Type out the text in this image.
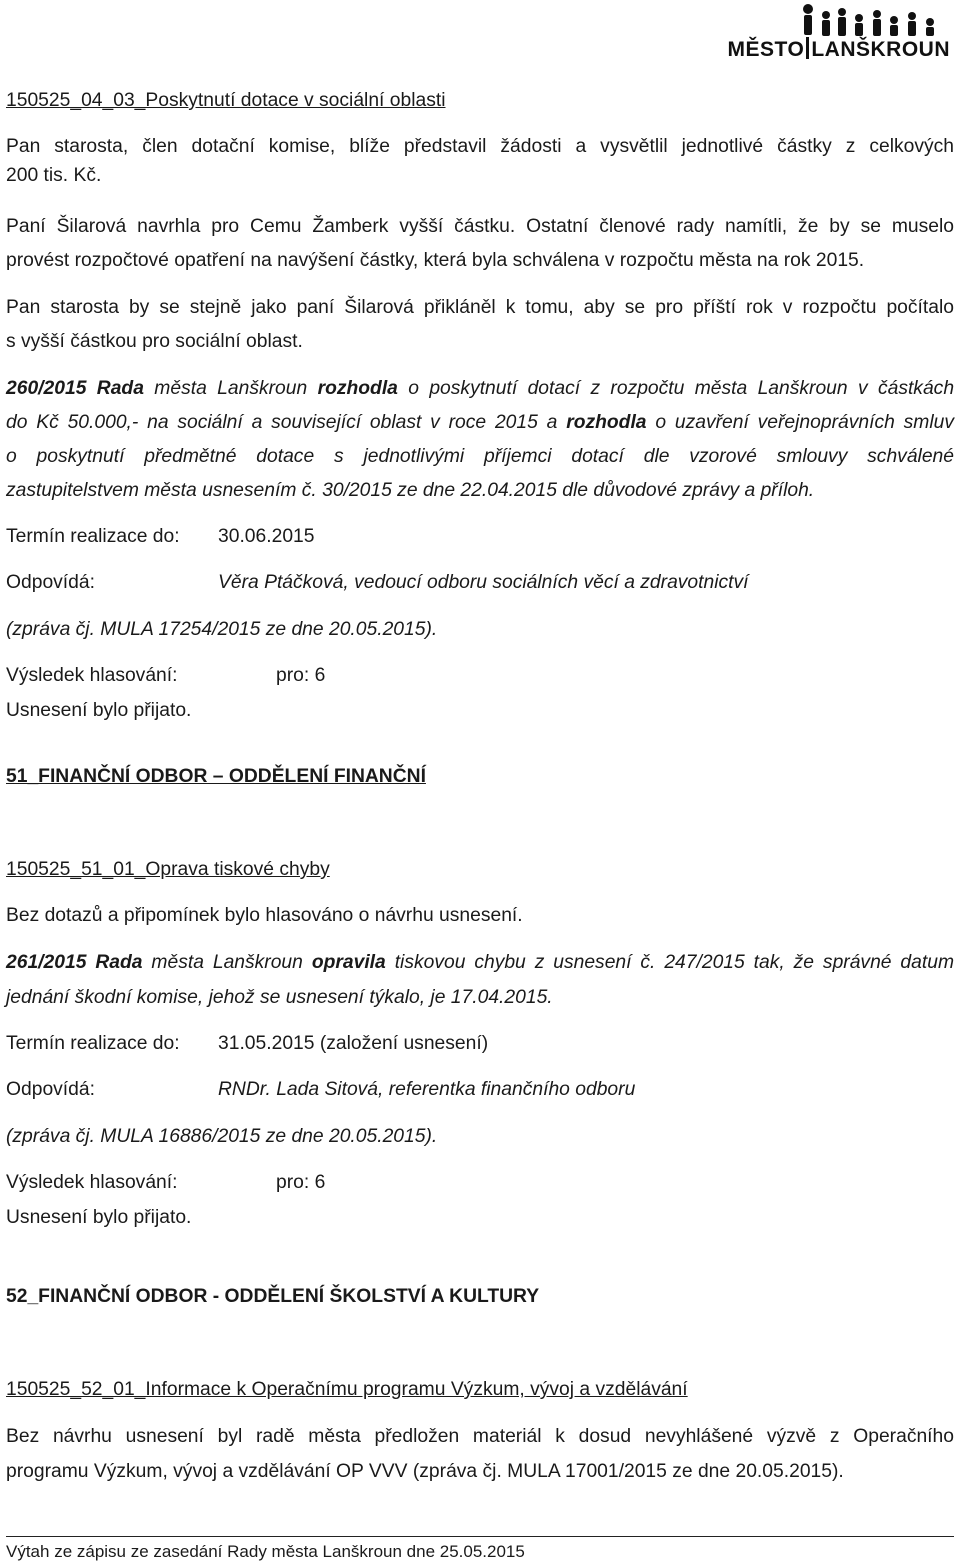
MĚSTO LANŠKROUN
150525_04_03_Poskytnutí dotace v sociální oblasti
Pan starosta, člen dotační komise, blíže představil žádosti a vysvětlil jednotlivé částky z celkových
200 tis. Kč.
Paní Šilarová navrhla pro Cemu Žamberk vyšší částku. Ostatní členové rady namítli, že by se muselo
provést rozpočtové opatření na navýšení částky, která byla schválena v rozpočtu města na rok 2015.
Pan starosta by se stejně jako paní Šilarová přikláněl k tomu, aby se pro příští rok v rozpočtu počítalo
s vyšší částkou pro sociální oblast.
260/2015 Rada města Lanškroun rozhodla o poskytnutí dotací z rozpočtu města Lanškroun v částkách
do Kč 50.000,- na sociální a související oblast v roce 2015 a rozhodla o uzavření veřejnoprávních smluv
o poskytnutí předmětné dotace s jednotlivými příjemci dotací dle vzorové smlouvy schválené
zastupitelstvem města usnesením č. 30/2015 ze dne 22.04.2015 dle důvodové zprávy a příloh.
Termín realizace do: 30.06.2015
Odpovídá:	Věra Ptáčková, vedoucí odboru sociálních věcí a zdravotnictví
(zpráva čj. MULA 17254/2015 ze dne 20.05.2015).
Výsledek hlasování:	pro: 6
Usnesení bylo přijato.
51_FINANČNÍ ODBOR – ODDĚLENÍ FINANČNÍ
150525_51_01_Oprava tiskové chyby
Bez dotazů a připomínek bylo hlasováno o návrhu usnesení.
261/2015 Rada města Lanškroun opravila tiskovou chybu z usnesení č. 247/2015 tak, že správné datum
jednání škodní komise, jehož se usnesení týkalo, je 17.04.2015.
Termín realizace do: 31.05.2015 (založení usnesení)
Odpovídá:	RNDr. Lada Sitová, referentka finančního odboru
(zpráva čj. MULA 16886/2015 ze dne 20.05.2015).
Výsledek hlasování:	pro: 6
Usnesení bylo přijato.
52_FINANČNÍ ODBOR - ODDĚLENÍ ŠKOLSTVÍ A KULTURY
150525_52_01_Informace k Operačnímu programu Výzkum, vývoj a vzdělávání
Bez návrhu usnesení byl radě města předložen materiál k dosud nevyhlášené výzvě z Operačního
programu Výzkum, vývoj a vzdělávání OP VVV (zpráva čj. MULA 17001/2015 ze dne 20.05.2015).
Výtah ze zápisu ze zasedání Rady města Lanškroun dne 25.05.2015
